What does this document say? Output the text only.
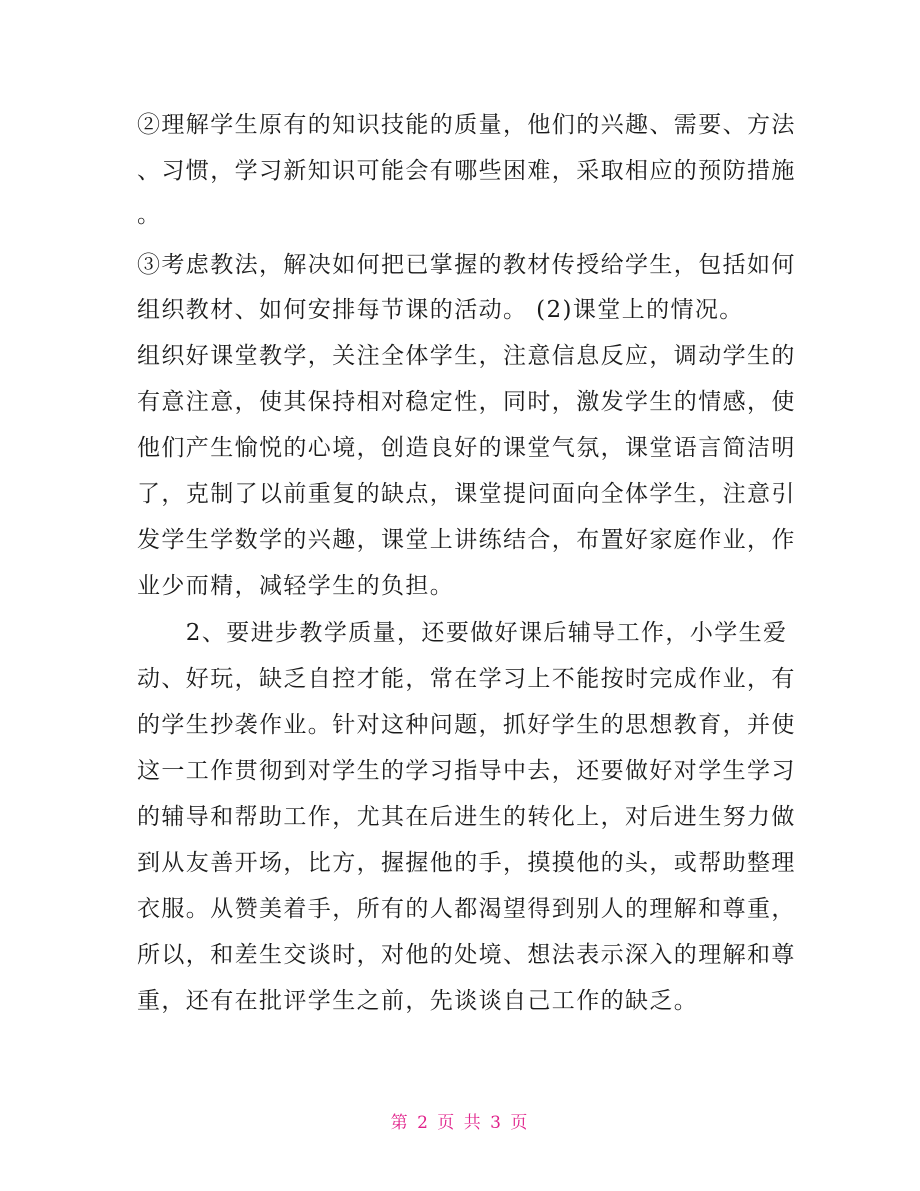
②理解学生原有的知识技能的质量，他们的兴趣、需要、方法
、习惯，学习新知识可能会有哪些困难，采取相应的预防措施
。
③考虑教法，解决如何把已掌握的教材传授给学生，包括如何
组织教材、如何安排每节课的活动。 (2)课堂上的情况。
组织好课堂教学，关注全体学生，注意信息反应，调动学生的
有意注意，使其保持相对稳定性，同时，激发学生的情感，使
他们产生愉悦的心境，创造良好的课堂气氛，课堂语言简洁明
了，克制了以前重复的缺点，课堂提问面向全体学生，注意引
发学生学数学的兴趣，课堂上讲练结合，布置好家庭作业，作
业少而精，减轻学生的负担。
　　2、要进步教学质量，还要做好课后辅导工作，小学生爱
动、好玩，缺乏自控才能，常在学习上不能按时完成作业，有
的学生抄袭作业。针对这种问题，抓好学生的思想教育，并使
这一工作贯彻到对学生的学习指导中去，还要做好对学生学习
的辅导和帮助工作，尤其在后进生的转化上，对后进生努力做
到从友善开场，比方，握握他的手，摸摸他的头，或帮助整理
衣服。从赞美着手，所有的人都渴望得到别人的理解和尊重，
所以，和差生交谈时，对他的处境、想法表示深入的理解和尊
重，还有在批评学生之前，先谈谈自己工作的缺乏。
第 2 页 共 3 页
